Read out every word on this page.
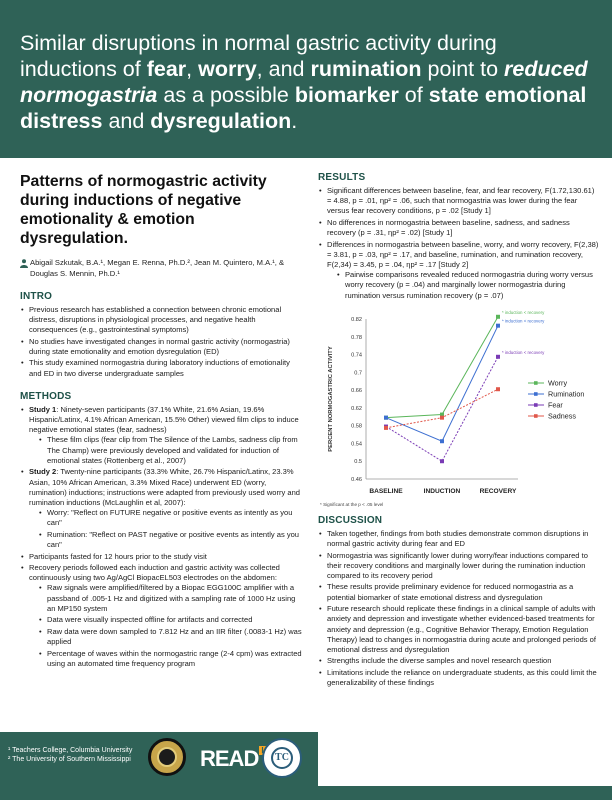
Similar disruptions in normal gastric activity during inductions of fear, worry, and rumination point to reduced normogastria as a possible biomarker of state emotional distress and dysregulation.
Patterns of normogastric activity during inductions of negative emotionality & emotion dysregulation.
Abigail Szkutak, B.A.¹, Megan E. Renna, Ph.D.², Jean M. Quintero, M.A.¹, & Douglas S. Mennin, Ph.D.¹
INTRO
• Previous research has established a connection between chronic emotional distress, disruptions in physiological processes, and negative health consequences (e.g., gastrointestinal symptoms)
• No studies have investigated changes in normal gastric activity (normogastria) during state emotionality and emotion dysregulation (ED)
• This study examined normogastria during laboratory inductions of emotionality and ED in two diverse undergraduate samples
METHODS
• Study 1: Ninety-seven participants (37.1% White, 21.6% Asian, 19.6% Hispanic/Latinx, 4.1% African American, 15.5% Other) viewed film clips to induce negative emotional states (fear, sadness)
• These film clips (fear clip from The Silence of the Lambs, sadness clip from The Champ) were previously developed and validated for induction of emotional states (Rottenberg et al., 2007)
• Study 2: Twenty-nine participants (33.3% White, 26.7% Hispanic/Latinx, 23.3% Asian, 10% African American, 3.3% Mixed Race) underwent ED (worry, rumination) inductions; instructions were adapted from previously used worry and rumination inductions (McLaughlin et al, 2007):
• Worry: "Reflect on FUTURE negative or positive events as intently as you can"
• Rumination: "Reflect on PAST negative or positive events as intently as you can"
• Participants fasted for 12 hours prior to the study visit
• Recovery periods followed each induction and gastric activity was collected continuously using two Ag/AgCl BiopacEL503 electrodes on the abdomen:
• Raw signals were amplified/filtered by a Biopac EGG100C amplifier with a passband of .005-1 Hz and digitized with a sampling rate of 1000 Hz using an MP150 system
• Data were visually inspected offline for artifacts and corrected
• Raw data were down sampled to 7.812 Hz and an IIR filter (.0083-1 Hz) was applied
• Percentage of waves within the normogastric range (2-4 cpm) was extracted using an automated time frequency program
RESULTS
• Significant differences between baseline, fear, and fear recovery, F(1.72,130.61) = 4.88, p = .01, ηp² = .06, such that normogastria was lower during the fear versus fear recovery conditions, p = .02 [Study 1]
• No differences in normogastria between baseline, sadness, and sadness recovery (p = .31, ηp² = .02) [Study 1]
• Differences in normogastria between baseline, worry, and worry recovery, F(2,38) = 3.81, p = .03, ηp² = .17, and baseline, rumination, and rumination recovery, F(2,34) = 3.45, p = .04, ηp² = .17 [Study 2]
• Pairwise comparisons revealed reduced normogastria during worry versus worry recovery (p = .04) and marginally lower normogastria during rumination versus rumination recovery (p = .07)
0.46
0.5
0.54
0.58
0.62
0.66
0.7
0.74
0.78
0.82
PERCENT NORMOGASTRIC ACTIVITY
BASELINE	INDUCTION	RECOVERY
* induction < recovery
* induction < recovery
* induction < recovery
Worry
Rumination
Fear
Sadness
* Significant at the p < .05 level
DISCUSSION
• Taken together, findings from both studies demonstrate common disruptions in normal gastric activity during fear and ED
• Normogastria was significantly lower during worry/fear inductions compared to their recovery conditions and marginally lower during the rumination induction compared to its recovery period
• These results provide preliminary evidence for reduced normogastria as a potential biomarker of state emotional distress and dysregulation
• Future research should replicate these findings in a clinical sample of adults with anxiety and depression and investigate whether evidenced-based treatments for anxiety and depression (e.g., Cognitive Behavior Therapy, Emotion Regulation Therapy) lead to changes in normogastria during acute and prolonged periods of emotional distress and dysregulation
• Strengths include the diverse samples and novel research question
• Limitations include the reliance on undergraduate students, as this could limit the generalizability of these findings
¹ Teachers College, Columbia University
² The University of Southern Mississippi	READ	TC
